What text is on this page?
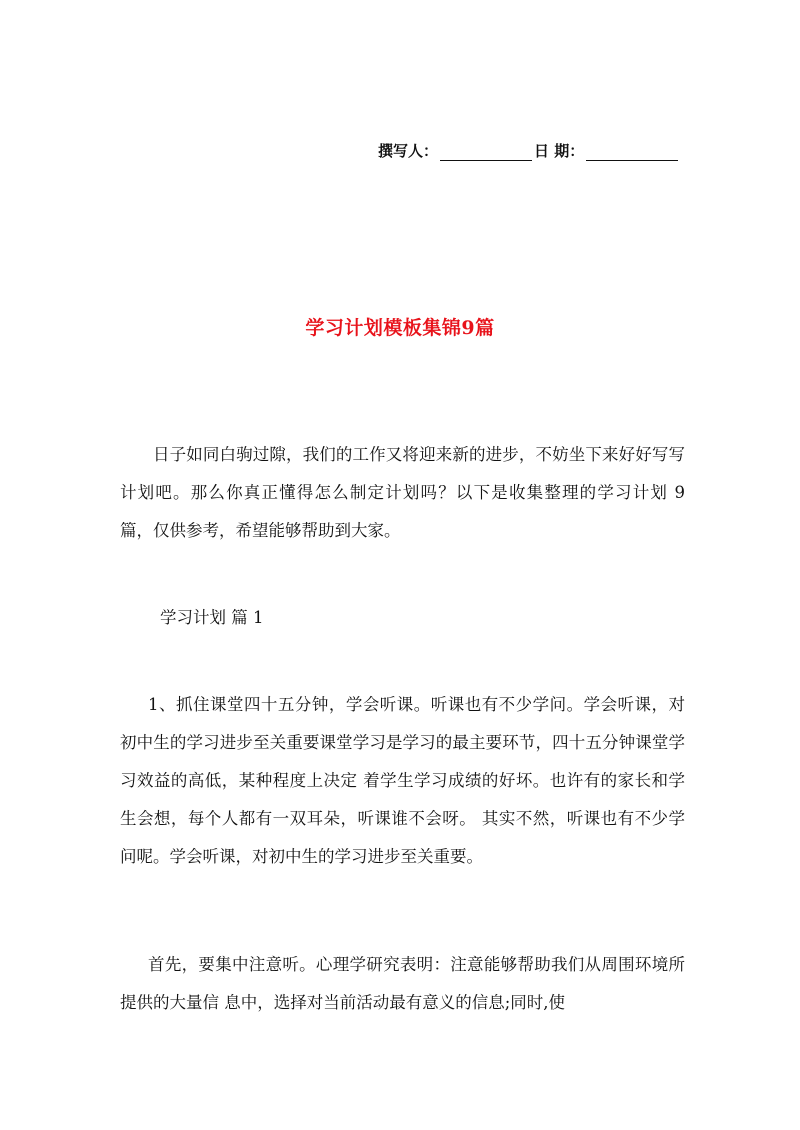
撰写人：	日 期：
学习计划模板集锦9篇
日子如同白驹过隙，我们的工作又将迎来新的进步，不妨坐下来好好写写计划吧。那么你真正懂得怎么制定计划吗？以下是收集整理的学习计划 9 篇，仅供参考，希望能够帮助到大家。
学习计划 篇 1
1、抓住课堂四十五分钟，学会听课。听课也有不少学问。学会听课，对初中生的学习进步至关重要课堂学习是学习的最主要环节，四十五分钟课堂学习效益的高低，某种程度上决定 着学生学习成绩的好坏。也许有的家长和学生会想，每个人都有一双耳朵，听课谁不会呀。 其实不然，听课也有不少学问呢。学会听课，对初中生的学习进步至关重要。
首先，要集中注意听。心理学研究表明：注意能够帮助我们从周围环境所提供的大量信 息中，选择对当前活动最有意义的信息;同时,使
